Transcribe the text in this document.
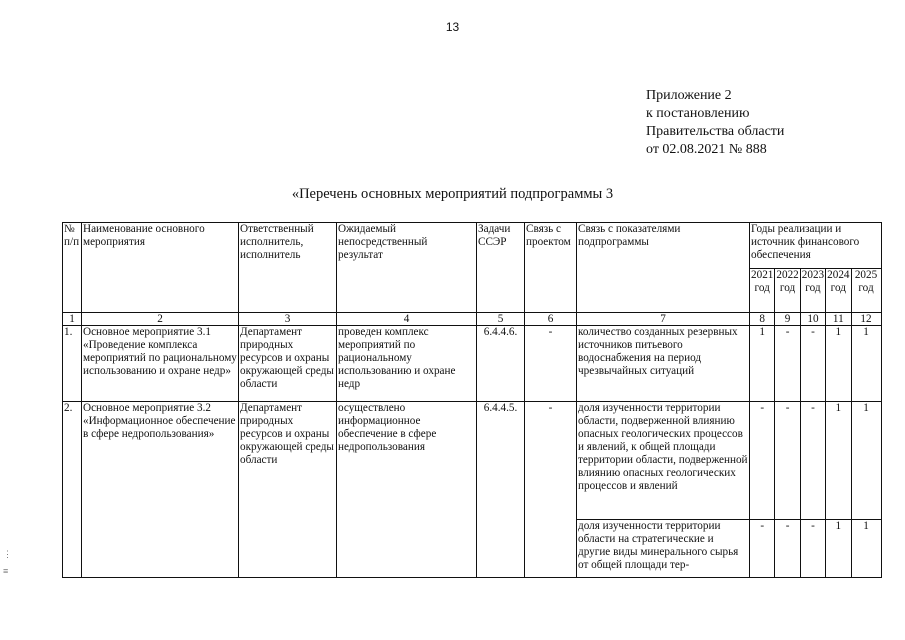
13
Приложение 2
к постановлению
Правительства области
от 02.08.2021 № 888
«Перечень основных мероприятий подпрограммы 3
№ п/п	Наименование основного мероприятия	Ответственный исполнитель, исполнитель	Ожидаемый непосредственный результат	Задачи ССЭР	Связь с проектом	Связь с показателями подпрограммы	Годы реализации и источник финансового обеспечения				
							2021 год	2022 год	2023 год	2024 год	2025 год
1	2	3	4	5	6	7	8	9	10	11	12
1.	Основное мероприятие 3.1 «Проведение комплекса мероприятий по рациональному использованию и охране недр»	Департамент природных ресурсов и охраны окружающей среды области	проведен комплекс мероприятий по рациональному использованию и охране недр	6.4.4.6.	-	количество созданных резервных источников питьевого водоснабжения на период чрезвычайных ситуаций	1	-	-	1	1
2.	Основное мероприятие 3.2 «Информационное обеспечение в сфере недропользования»	Департамент природных ресурсов и охраны окружающей среды области	осуществлено информационное обеспечение в сфере недропользования	6.4.4.5.	-	доля изученности территории области, подверженной влиянию опасных геологических процессов и явлений, к общей площади территории области, подверженной влиянию опасных геологических процессов и явлений	-	-	-	1	1
						доля изученности территории области на стратегические и другие виды минерального сырья от общей площади тер-	-	-	-	1	1
⋮
≡
